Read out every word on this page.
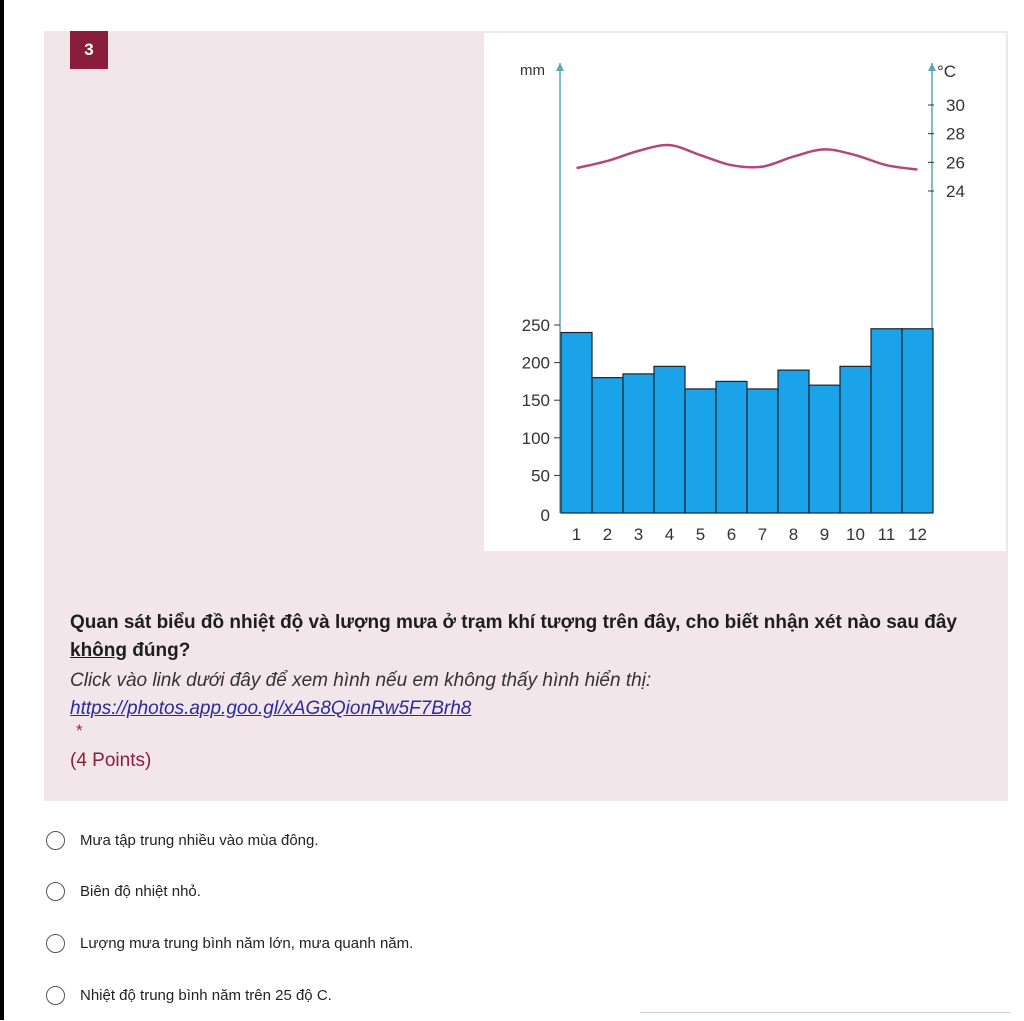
3
mm	°C
0
50
100
150
200
250
30
28
26
24
1 2 3 4 5 6 7 8 9 10 11 12
Quan sát biểu đồ nhiệt độ và lượng mưa ở trạm khí tượng trên đây, cho biết nhận xét nào sau đây không đúng?
Click vào link dưới đây để xem hình nếu em không thấy hình hiển thị:
https://photos.app.goo.gl/xAG8QionRw5F7Brh8
*
(4 Points)
Mưa tập trung nhiều vào mùa đông.
Biên độ nhiệt nhỏ.
Lượng mưa trung bình năm lớn, mưa quanh năm.
Nhiệt độ trung bình năm trên 25 độ C.
